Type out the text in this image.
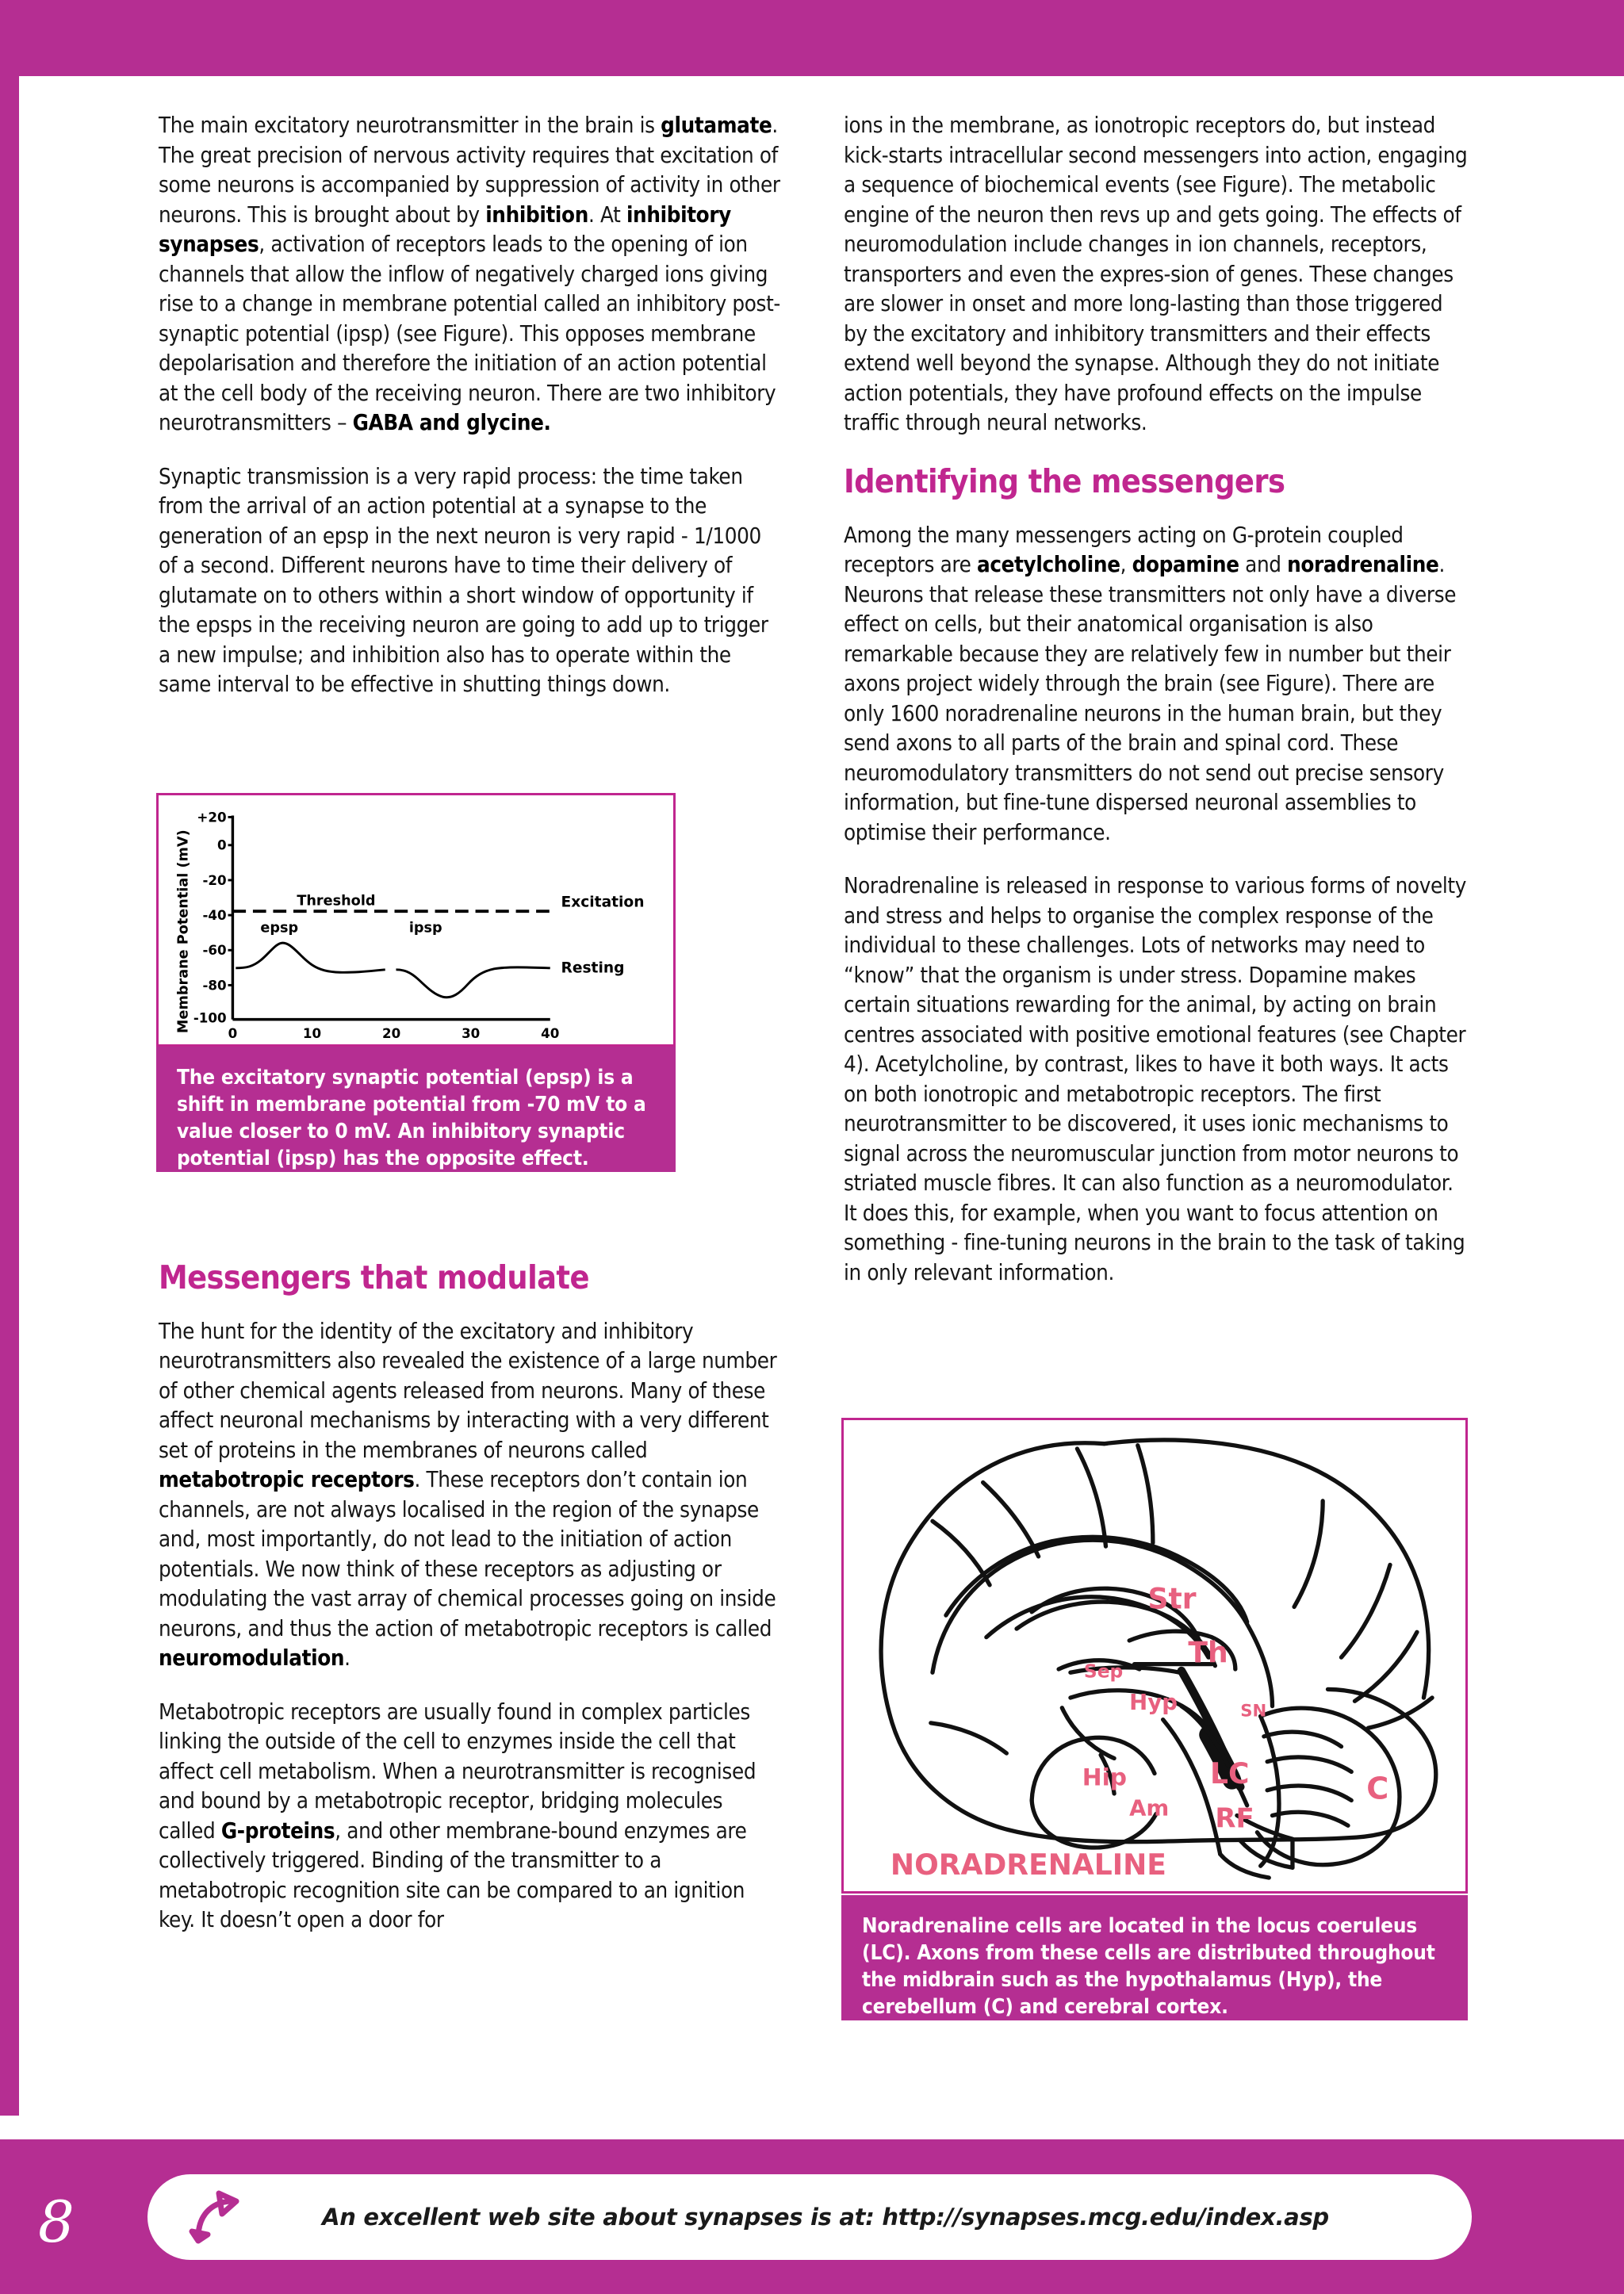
The main excitatory neurotransmitter in the brain is glutamate. The great precision of nervous activity requires that excitation of some neurons is accompanied by suppression of activity in other neurons. This is brought about by inhibition. At inhibitory synapses, activation of receptors leads to the opening of ion channels that allow the inflow of negatively charged ions giving rise to a change in membrane potential called an inhibitory post-synaptic potential (ipsp) (see Figure). This opposes membrane depolarisation and therefore the initiation of an action potential at the cell body of the receiving neuron. There are two inhibitory neurotransmitters – GABA and glycine.

Synaptic transmission is a very rapid process: the time taken from the arrival of an action potential at a synapse to the generation of an epsp in the next neuron is very rapid - 1/1000 of a second. Different neurons have to time their delivery of glutamate on to others within a short window of opportunity if the epsps in the receiving neuron are going to add up to trigger a new impulse; and inhibition also has to operate within the same interval to be effective in shutting things down.

Membrane Potential (mV)
+20
0
-20
-40
-60
-80
-100
0	10	20	30	40
Threshold
epsp	ipsp
Excitation
Resting
The excitatory synaptic potential (epsp) is a shift in membrane potential from -70 mV to a value closer to 0 mV. An inhibitory synaptic potential (ipsp) has the opposite effect.
Messengers that modulate

The hunt for the identity of the excitatory and inhibitory neurotransmitters also revealed the existence of a large number of other chemical agents released from neurons. Many of these affect neuronal mechanisms by interacting with a very different set of proteins in the membranes of neurons called metabotropic receptors. These receptors don’t contain ion channels, are not always localised in the region of the synapse and, most importantly, do not lead to the initiation of action potentials. We now think of these receptors as adjusting or modulating the vast array of chemical processes going on inside neurons, and thus the action of metabotropic receptors is called neuromodulation.

Metabotropic receptors are usually found in complex particles linking the outside of the cell to enzymes inside the cell that affect cell metabolism. When a neurotransmitter is recognised and bound by a metabotropic receptor, bridging molecules called G-proteins, and other membrane-bound enzymes are collectively triggered. Binding of the transmitter to a metabotropic recognition site can be compared to an ignition key. It doesn’t open a door for

ions in the membrane, as ionotropic receptors do, but instead kick-starts intracellular second messengers into action, engaging a sequence of biochemical events (see Figure). The metabolic engine of the neuron then revs up and gets going. The effects of neuromodulation include changes in ion channels, receptors, transporters and even the expres-sion of genes. These changes are slower in onset and more long-lasting than those triggered by the excitatory and inhibitory transmitters and their effects extend well beyond the synapse. Although they do not initiate action potentials, they have profound effects on the impulse traffic through neural networks.

Identifying the messengers

Among the many messengers acting on G-protein coupled receptors are acetylcholine, dopamine and noradrenaline. Neurons that release these transmitters not only have a diverse effect on cells, but their anatomical organisation is also remarkable because they are relatively few in number but their axons project widely through the brain (see Figure). There are only 1600 noradrenaline neurons in the human brain, but they send axons to all parts of the brain and spinal cord. These neuromodulatory transmitters do not send out precise sensory information, but fine-tune dispersed neuronal assemblies to optimise their performance.

Noradrenaline is released in response to various forms of novelty and stress and helps to organise the complex response of the individual to these challenges. Lots of networks may need to “know” that the organism is under stress. Dopamine makes certain situations rewarding for the animal, by acting on brain centres associated with positive emotional features (see Chapter 4). Acetylcholine, by contrast, likes to have it both ways. It acts on both ionotropic and metabotropic receptors. The first neurotransmitter to be discovered, it uses ionic mechanisms to signal across the neuromuscular junction from motor neurons to striated muscle fibres. It can also function as a neuromodulator. It does this, for example, when you want to focus attention on something - fine-tuning neurons in the brain to the task of taking in only relevant information.

Str
Th
Sep
Hyp	SN
Hip
Am
LC
RF
C
NORADRENALINE
Noradrenaline cells are located in the locus coeruleus (LC). Axons from these cells are distributed throughout the midbrain such as the hypothalamus (Hyp), the cerebellum (C) and cerebral cortex.
8	An excellent web site about synapses is at: http://synapses.mcg.edu/index.asp
